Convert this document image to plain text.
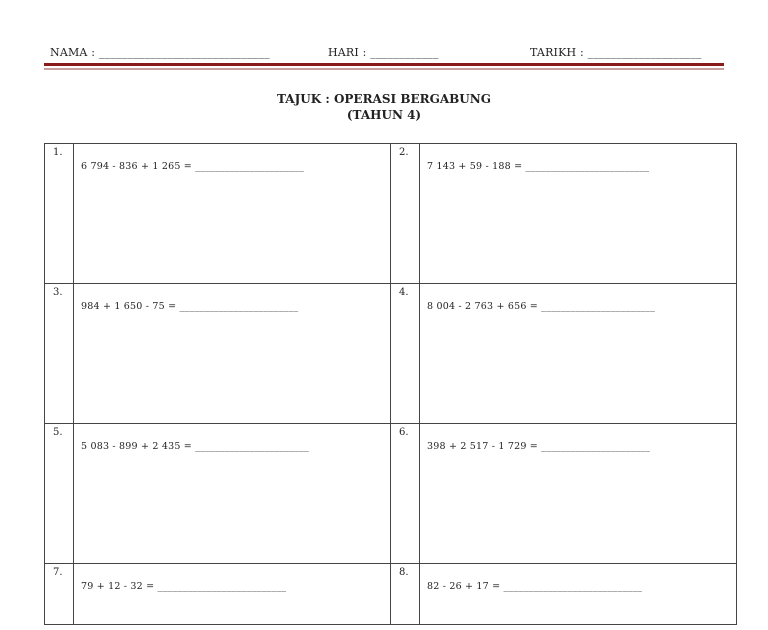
NAMA : ______________________________	HARI : ____________	TARIKH : ____________________
TAJUK : OPERASI BERGABUNG
(TAHUN 4)
1.	6 794 - 836 + 1 265 = ______________________	2.	7 143 + 59 - 188 = _________________________

3.	984 + 1 650 - 75 = ________________________	4.	8 004 - 2 763 + 656 = _______________________

5.	5 083 - 899 + 2 435 = _______________________	6.	398 + 2 517 - 1 729 = ______________________

7.	79 + 12 - 32 = __________________________	8.	82 - 26 + 17 = ____________________________
